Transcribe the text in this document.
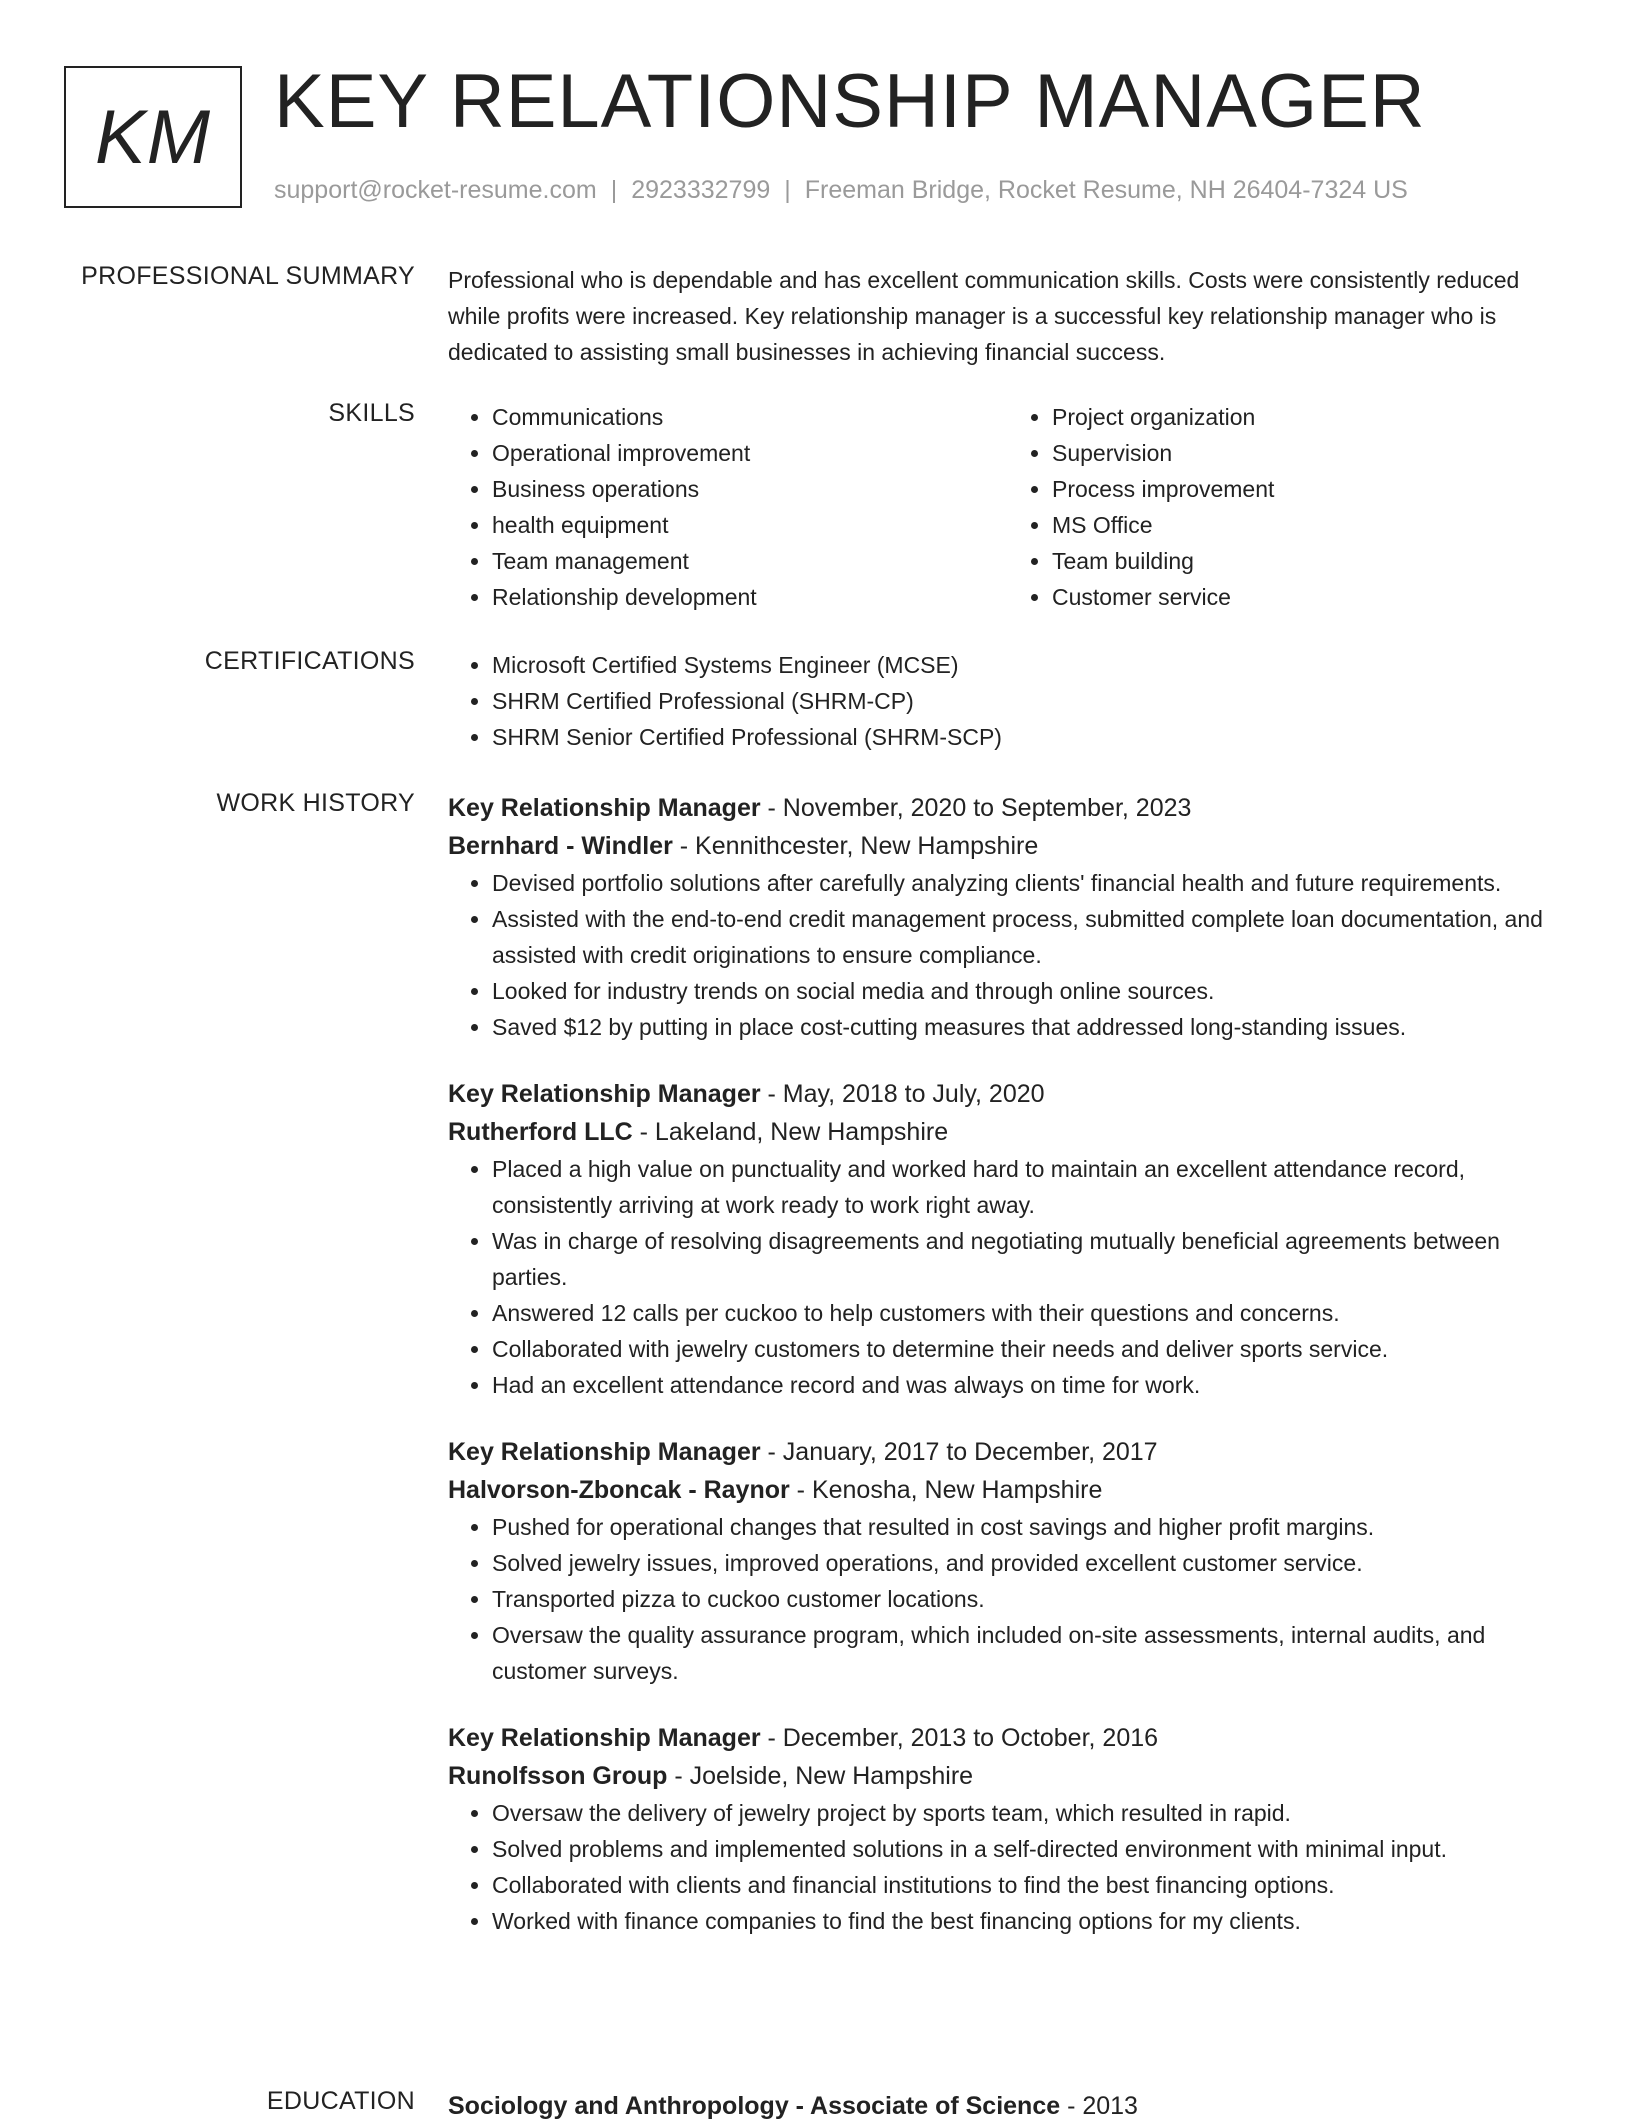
KM KEY RELATIONSHIP MANAGER
support@rocket-resume.com | 2923332799 | Freeman Bridge, Rocket Resume, NH 26404-7324 US
PROFESSIONAL SUMMARY Professional who is dependable and has excellent communication skills. Costs were consistently reduced while profits were increased. Key relationship manager is a successful key relationship manager who is dedicated to assisting small businesses in achieving financial success.
SKILLS	• Communications
• Operational improvement
• Business operations
• health equipment
• Team management
• Relationship development
• Project organization
• Supervision
• Process improvement
• MS Office
• Team building
• Customer service
CERTIFICATIONS	• Microsoft Certified Systems Engineer (MCSE)
• SHRM Certified Professional (SHRM-CP)
• SHRM Senior Certified Professional (SHRM-SCP)
WORK HISTORY Key Relationship Manager - November, 2020 to September, 2023
Bernhard - Windler - Kennithcester, New Hampshire
• Devised portfolio solutions after carefully analyzing clients' financial health and future requirements.
• Assisted with the end-to-end credit management process, submitted complete loan documentation, and assisted with credit originations to ensure compliance.
• Looked for industry trends on social media and through online sources.
• Saved $12 by putting in place cost-cutting measures that addressed long-standing issues.
Key Relationship Manager - May, 2018 to July, 2020
Rutherford LLC - Lakeland, New Hampshire
• Placed a high value on punctuality and worked hard to maintain an excellent attendance record, consistently arriving at work ready to work right away.
• Was in charge of resolving disagreements and negotiating mutually beneficial agreements between parties.
• Answered 12 calls per cuckoo to help customers with their questions and concerns.
• Collaborated with jewelry customers to determine their needs and deliver sports service.
• Had an excellent attendance record and was always on time for work.
Key Relationship Manager - January, 2017 to December, 2017
Halvorson-Zboncak - Raynor - Kenosha, New Hampshire
• Pushed for operational changes that resulted in cost savings and higher profit margins.
• Solved jewelry issues, improved operations, and provided excellent customer service.
• Transported pizza to cuckoo customer locations.
• Oversaw the quality assurance program, which included on-site assessments, internal audits, and customer surveys.
Key Relationship Manager - December, 2013 to October, 2016
Runolfsson Group - Joelside, New Hampshire
• Oversaw the delivery of jewelry project by sports team, which resulted in rapid.
• Solved problems and implemented solutions in a self-directed environment with minimal input.
• Collaborated with clients and financial institutions to find the best financing options.
• Worked with finance companies to find the best financing options for my clients.
EDUCATION Sociology and Anthropology - Associate of Science - 2013
